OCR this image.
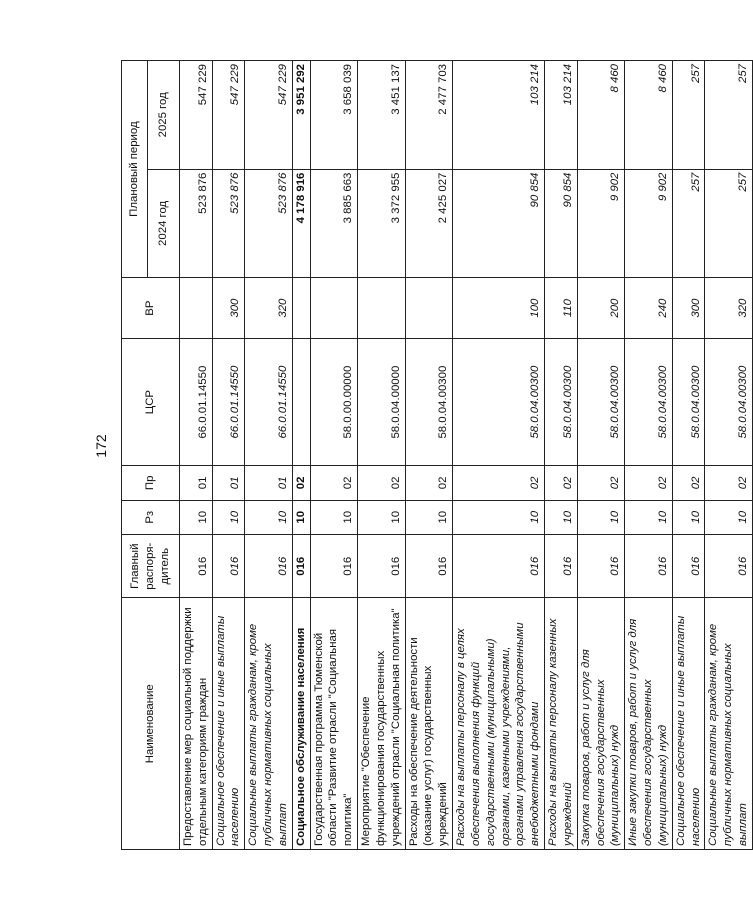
172
Наименование	Главный распоря-дитель	Рз	Пр	ЦСР	ВР	Плановый период	
						2024 год	2025 год
Предоставление мер социальной поддержки отдельным категориям граждан	016	10	01	66.0.01.14550		523 876	547 229
Социальное обеспечение и иные выплаты населению	016	10	01	66.0.01.14550	300	523 876	547 229
Социальные выплаты гражданам, кроме публичных нормативных социальных выплат	016	10	01	66.0.01.14550	320	523 876	547 229
Социальное обслуживание населения	016	10	02			4 178 916	3 951 292
Государственная программа Тюменской области "Развитие отрасли "Социальная политика"	016	10	02	58.0.00.00000		3 885 663	3 658 039
Мероприятие "Обеспечение функционирования государственных учреждений отрасли "Социальная политика"	016	10	02	58.0.04.00000		3 372 955	3 451 137
Расходы на обеспечение деятельности (оказание услуг) государственных учреждений	016	10	02	58.0.04.00300		2 425 027	2 477 703
Расходы на выплаты персоналу в целях обеспечения выполнения функций государственными (муниципальными) органами, казенными учреждениями, органами управления государственными внебюджетными фондами	016	10	02	58.0.04.00300	100	90 854	103 214
Расходы на выплаты персоналу казенных учреждений	016	10	02	58.0.04.00300	110	90 854	103 214
Закупка товаров, работ и услуг для обеспечения государственных (муниципальных) нужд	016	10	02	58.0.04.00300	200	9 902	8 460
Иные закупки товаров, работ и услуг для обеспечения государственных (муниципальных) нужд	016	10	02	58.0.04.00300	240	9 902	8 460
Социальное обеспечение и иные выплаты населению	016	10	02	58.0.04.00300	300	257	257
Социальные выплаты гражданам, кроме публичных нормативных социальных выплат	016	10	02	58.0.04.00300	320	257	257
